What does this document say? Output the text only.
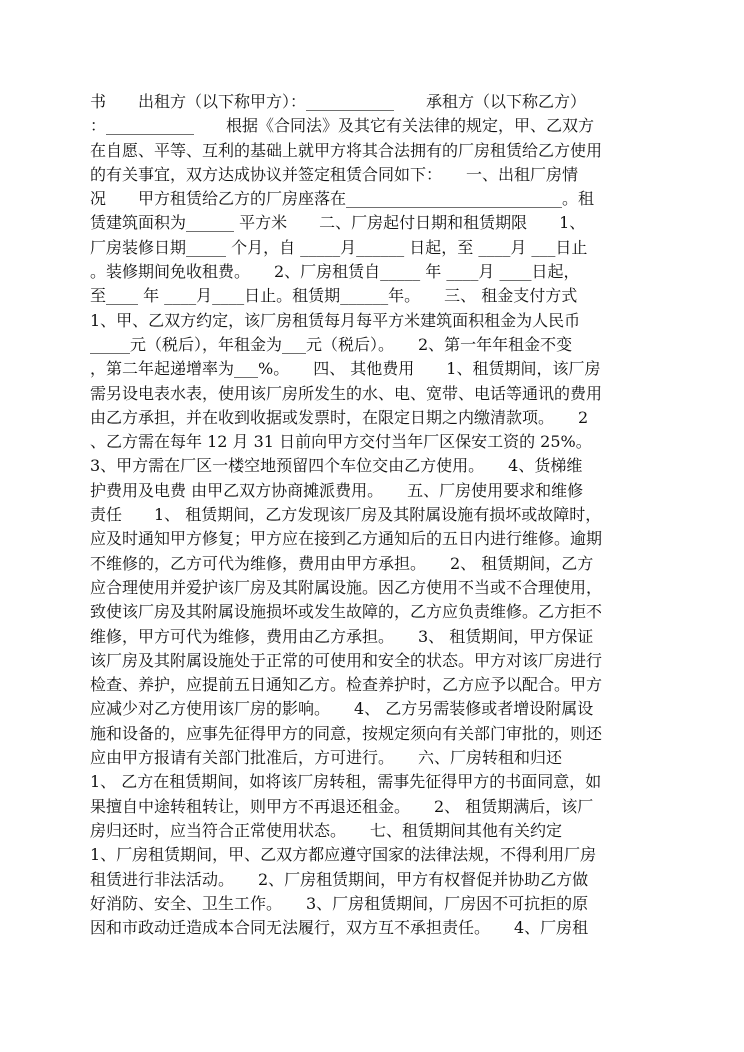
书　　出租方（以下称甲方）：___________　　承租方（以下称乙方）
：___________　　根据《合同法》及其它有关法律的规定，甲、乙双方
在自愿、平等、互利的基础上就甲方将其合法拥有的厂房租赁给乙方使用
的有关事宜，双方达成协议并签定租赁合同如下：　　一、出租厂房情
况　　甲方租赁给乙方的厂房座落在___________________________。租
赁建筑面积为______ 平方米　　二、厂房起付日期和租赁期限　　1、
厂房装修日期_____ 个月，自 _____月______ 日起，至 ____月 ___日止
。装修期间免收租费。　　2、厂房租赁自_____ 年 ____月 ____日起，
至____ 年 ____月____日止。租赁期______年。　　三、 租金支付方式
1、甲、乙双方约定，该厂房租赁每月每平方米建筑面积租金为人民币
_____元（税后），年租金为___元（税后）。　　2、第一年年租金不变
，第二年起递增率为___%。　　四、 其他费用　　1、租赁期间，该厂房
需另设电表水表，使用该厂房所发生的水、电、宽带、电话等通讯的费用
由乙方承担，并在收到收据或发票时，在限定日期之内缴清款项。　　2
、乙方需在每年 12 月 31 日前向甲方交付当年厂区保安工资的 25%。
3、甲方需在厂区一楼空地预留四个车位交由乙方使用。　　4、货梯维
护费用及电费 由甲乙双方协商摊派费用。　　五、厂房使用要求和维修
责任　　1、 租赁期间，乙方发现该厂房及其附属设施有损坏或故障时，
应及时通知甲方修复；甲方应在接到乙方通知后的五日内进行维修。逾期
不维修的，乙方可代为维修，费用由甲方承担。　　2、 租赁期间，乙方
应合理使用并爱护该厂房及其附属设施。因乙方使用不当或不合理使用，
致使该厂房及其附属设施损坏或发生故障的，乙方应负责维修。乙方拒不
维修，甲方可代为维修，费用由乙方承担。　　3、 租赁期间，甲方保证
该厂房及其附属设施处于正常的可使用和安全的状态。甲方对该厂房进行
检查、养护，应提前五日通知乙方。检查养护时，乙方应予以配合。甲方
应减少对乙方使用该厂房的影响。　　4、 乙方另需装修或者增设附属设
施和设备的，应事先征得甲方的同意，按规定须向有关部门审批的，则还
应由甲方报请有关部门批准后，方可进行。　　六、厂房转租和归还
1、 乙方在租赁期间，如将该厂房转租，需事先征得甲方的书面同意，如
果擅自中途转租转让，则甲方不再退还租金。　　2、 租赁期满后，该厂
房归还时，应当符合正常使用状态。　　七、租赁期间其他有关约定
1、厂房租赁期间，甲、乙双方都应遵守国家的法律法规，不得利用厂房
租赁进行非法活动。　　2、厂房租赁期间，甲方有权督促并协助乙方做
好消防、安全、卫生工作。　　3、厂房租赁期间，厂房因不可抗拒的原
因和市政动迁造成本合同无法履行，双方互不承担责任。　　4、厂房租
